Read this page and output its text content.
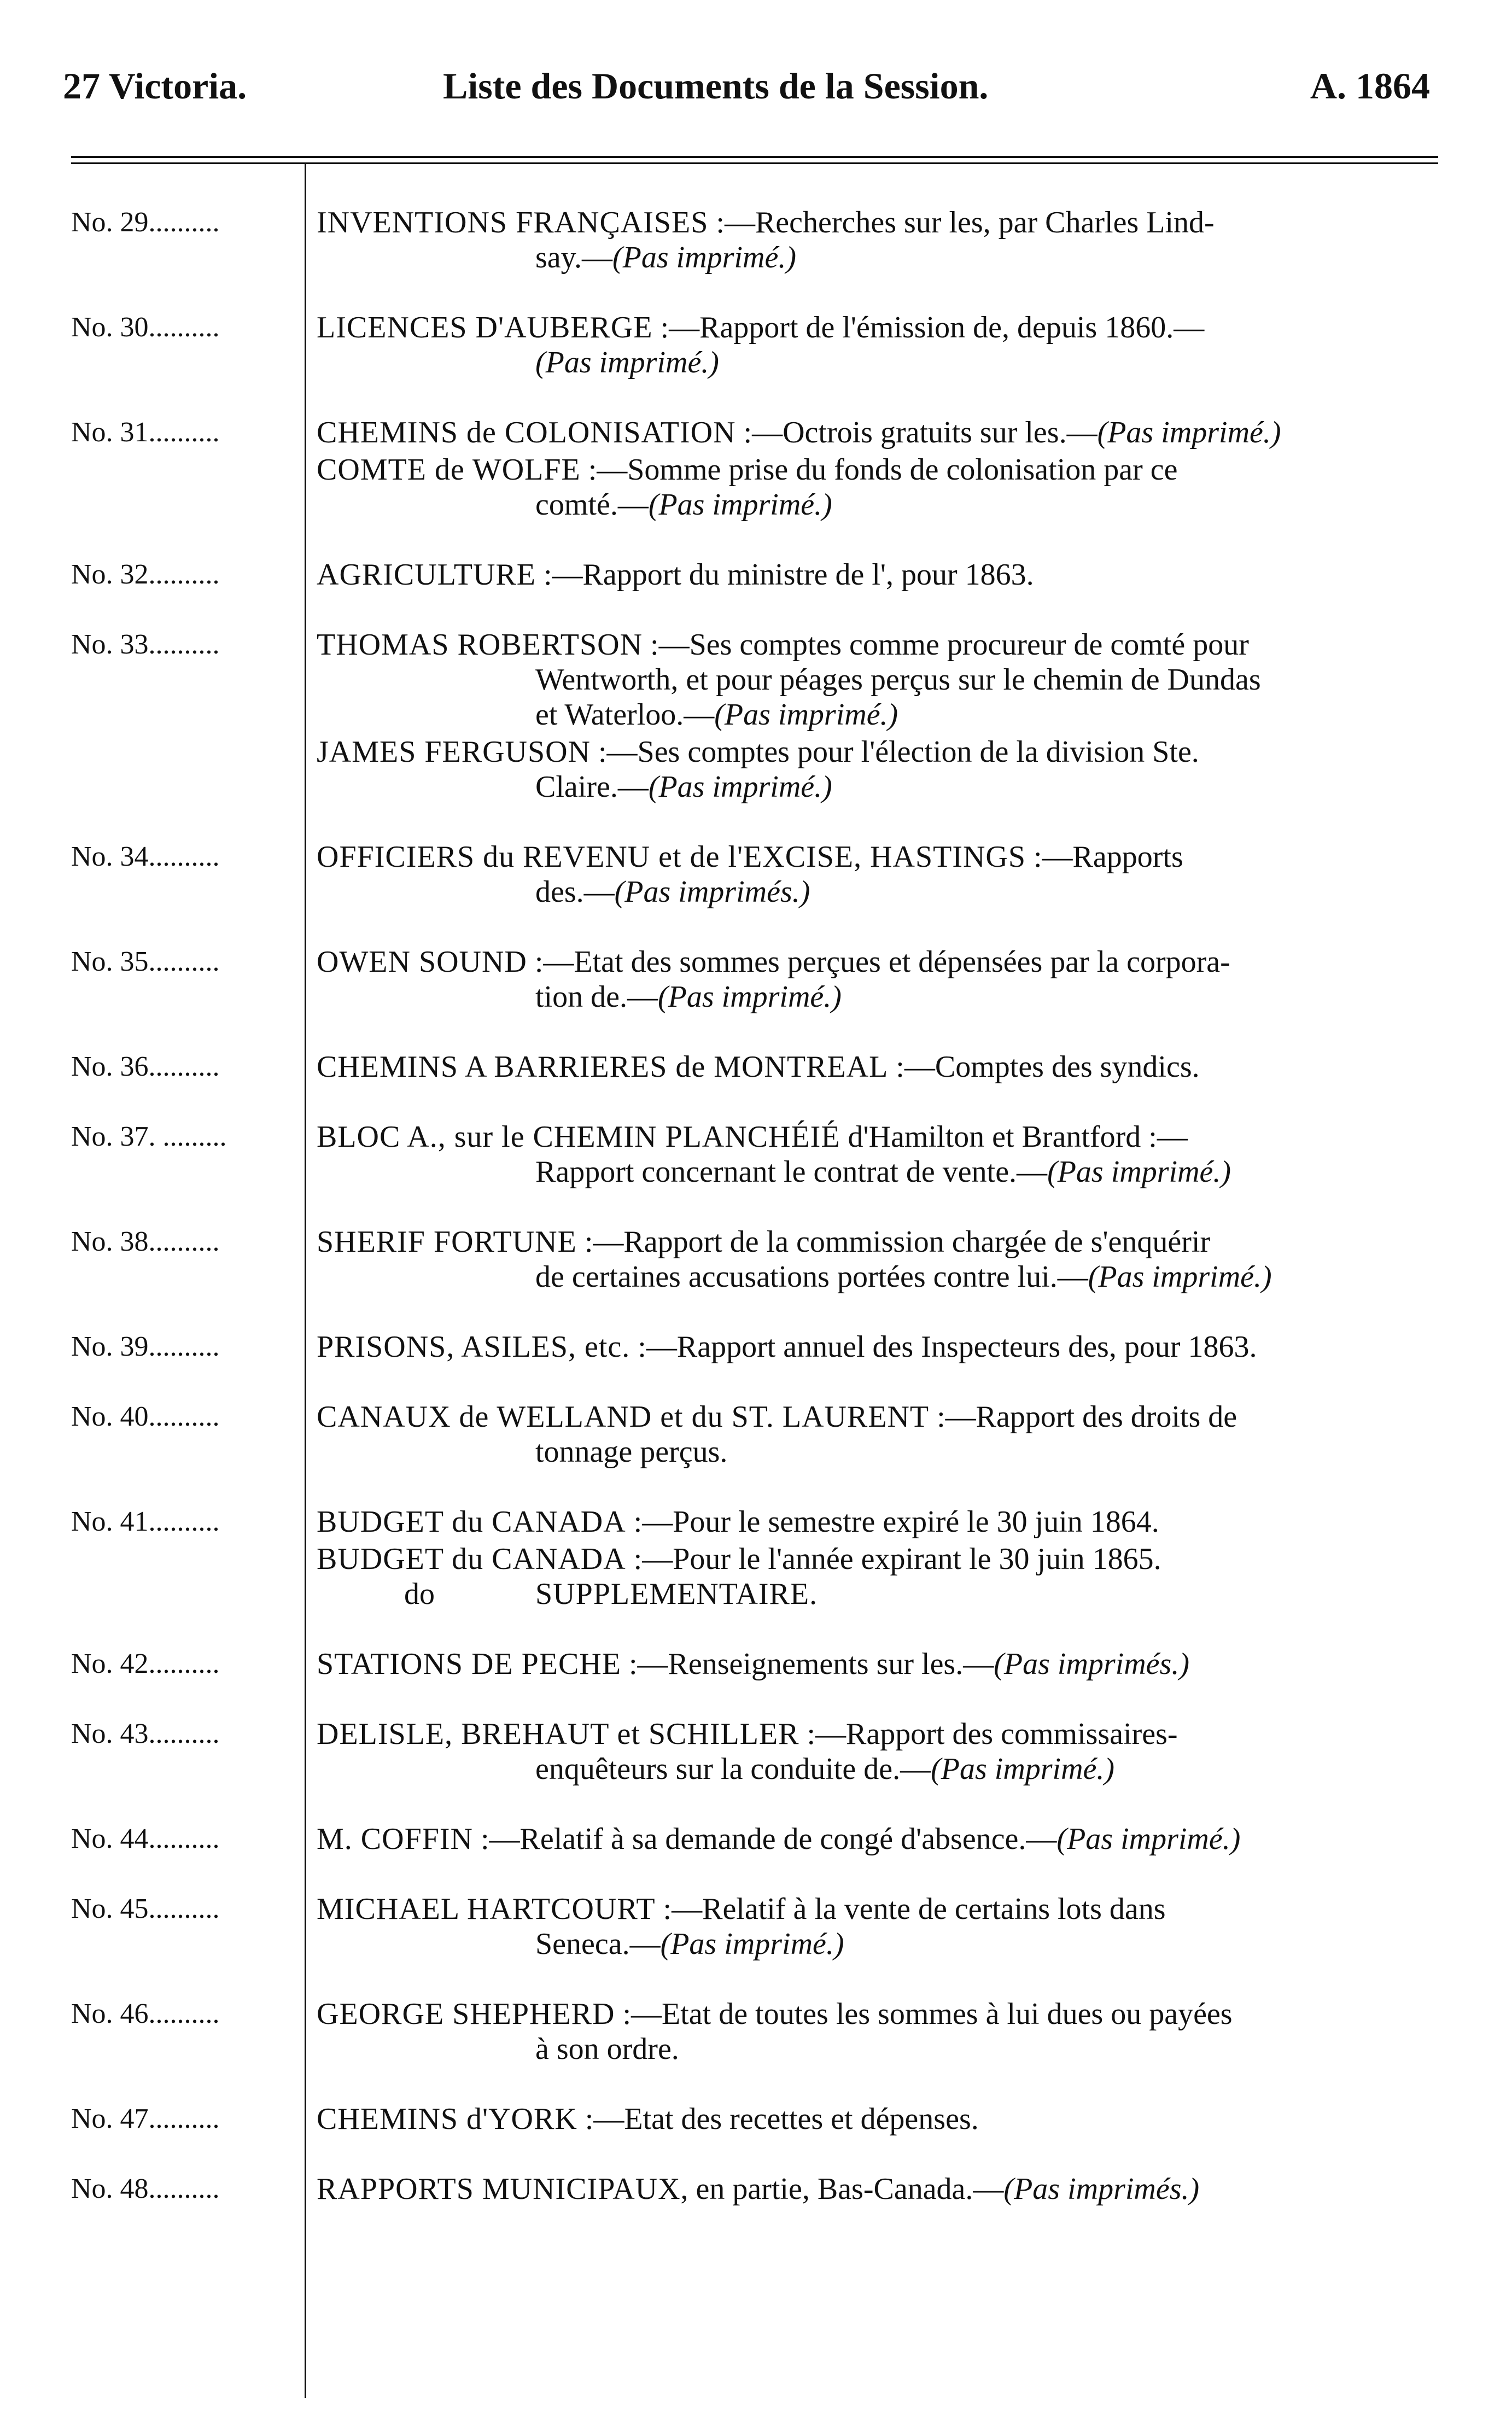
27 Victoria.	Liste des Documents de la Session.	A. 1864
No. 29..........	INVENTIONS FRANÇAISES :—Recherches sur les, par Charles Lind-
say.—(Pas imprimé.)
No. 30..........	LICENCES D'AUBERGE :—Rapport de l'émission de, depuis 1860.—
(Pas imprimé.)
No. 31..........	CHEMINS de COLONISATION :—Octrois gratuits sur les.—(Pas imprimé.)
COMTE de WOLFE :—Somme prise du fonds de colonisation par ce
comté.—(Pas imprimé.)
No. 32..........	AGRICULTURE :—Rapport du ministre de l', pour 1863.
No. 33..........	THOMAS ROBERTSON :—Ses comptes comme procureur de comté pour
Wentworth, et pour péages perçus sur le chemin de Dundas
et Waterloo.—(Pas imprimé.)
JAMES FERGUSON :—Ses comptes pour l'élection de la division Ste.
Claire.—(Pas imprimé.)
No. 34..........	OFFICIERS du REVENU et de l'EXCISE, HASTINGS :—Rapports
des.—(Pas imprimés.)
No. 35..........	OWEN SOUND :—Etat des sommes perçues et dépensées par la corpora-
tion de.—(Pas imprimé.)
No. 36..........	CHEMINS A BARRIERES de MONTREAL :—Comptes des syndics.
No. 37. .........	BLOC A., sur le CHEMIN PLANCHÉIÉ d'Hamilton et Brantford :—
Rapport concernant le contrat de vente.—(Pas imprimé.)
No. 38..........	SHERIF FORTUNE :—Rapport de la commission chargée de s'enquérir
de certaines accusations portées contre lui.—(Pas imprimé.)
No. 39..........	PRISONS, ASILES, etc. :—Rapport annuel des Inspecteurs des, pour 1863.
No. 40..........	CANAUX de WELLAND et du ST. LAURENT :—Rapport des droits de
tonnage perçus.
No. 41..........	BUDGET du CANADA :—Pour le semestre expiré le 30 juin 1864.
BUDGET du CANADA :—Pour le l'année expirant le 30 juin 1865.
do	SUPPLEMENTAIRE.
No. 42..........	STATIONS DE PECHE :—Renseignements sur les.—(Pas imprimés.)
No. 43..........	DELISLE, BREHAUT et SCHILLER :—Rapport des commissaires-
enquêteurs sur la conduite de.—(Pas imprimé.)
No. 44..........	M. COFFIN :—Relatif à sa demande de congé d'absence.—(Pas imprimé.)
No. 45..........	MICHAEL HARTCOURT :—Relatif à la vente de certains lots dans
Seneca.—(Pas imprimé.)
No. 46..........	GEORGE SHEPHERD :—Etat de toutes les sommes à lui dues ou payées
à son ordre.
No. 47..........	CHEMINS d'YORK :—Etat des recettes et dépenses.
No. 48..........	RAPPORTS MUNICIPAUX, en partie, Bas-Canada.—(Pas imprimés.)
